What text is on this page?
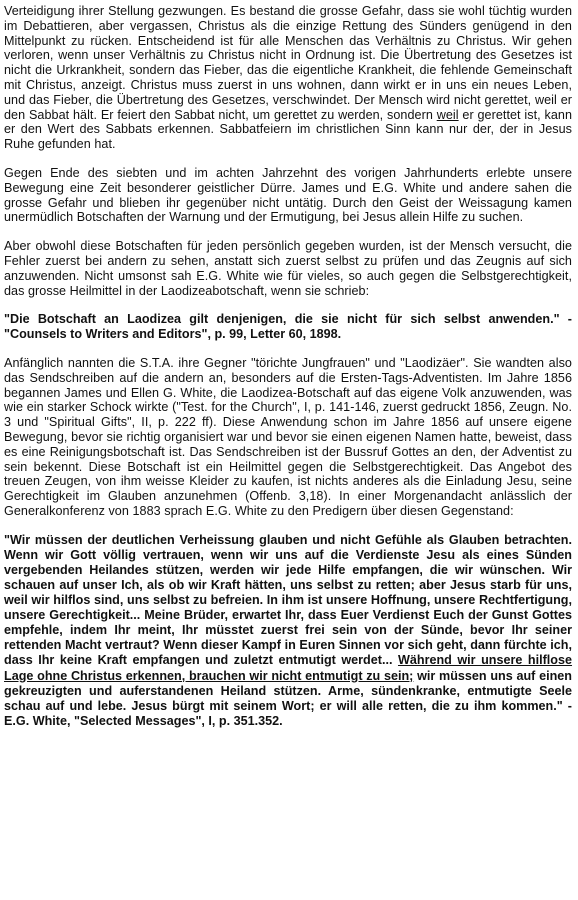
Verteidigung ihrer Stellung gezwungen. Es bestand die grosse Gefahr, dass sie wohl tüchtig wurden im Debattieren, aber vergassen, Christus als die einzige Rettung des Sünders genügend in den Mittelpunkt zu rücken. Entscheidend ist für alle Menschen das Verhältnis zu Christus. Wir gehen verloren, wenn unser Verhältnis zu Christus nicht in Ordnung ist. Die Übertretung des Gesetzes ist nicht die Urkrankheit, sondern das Fieber, das die eigentliche Krankheit, die fehlende Gemeinschaft mit Christus, anzeigt. Christus muss zuerst in uns wohnen, dann wirkt er in uns ein neues Leben, und das Fieber, die Übertretung des Gesetzes, verschwindet. Der Mensch wird nicht gerettet, weil er den Sabbat hält. Er feiert den Sabbat nicht, um gerettet zu werden, sondern weil er gerettet ist, kann er den Wert des Sabbats erkennen. Sabbatfeiern im christlichen Sinn kann nur der, der in Jesus Ruhe gefunden hat.

Gegen Ende des siebten und im achten Jahrzehnt des vorigen Jahrhunderts erlebte unsere Bewegung eine Zeit besonderer geistlicher Dürre. James und E.G. White und andere sahen die grosse Gefahr und blieben ihr gegenüber nicht untätig. Durch den Geist der Weissagung kamen unermüdlich Botschaften der Warnung und der Ermutigung, bei Jesus allein Hilfe zu suchen.

Aber obwohl diese Botschaften für jeden persönlich gegeben wurden, ist der Mensch versucht, die Fehler zuerst bei andern zu sehen, anstatt sich zuerst selbst zu prüfen und das Zeugnis auf sich anzuwenden. Nicht umsonst sah E.G. White wie für vieles, so auch gegen die Selbstgerechtigkeit, das grosse Heilmittel in der Laodizeabotschaft, wenn sie schrieb:

"Die Botschaft an Laodizea gilt denjenigen, die sie nicht für sich selbst anwenden." - "Counsels to Writers and Editors", p. 99, Letter 60, 1898.

Anfänglich nannten die S.T.A. ihre Gegner "törichte Jungfrauen" und "Laodizäer". Sie wandten also das Sendschreiben auf die andern an, besonders auf die Ersten-Tags-Adventisten. Im Jahre 1856 begannen James und Ellen G. White, die Laodizea-Botschaft auf das eigene Volk anzuwenden, was wie ein starker Schock wirkte ("Test. for the Church", I, p. 141-146, zuerst gedruckt 1856, Zeugn. No. 3 und "Spiritual Gifts", II, p. 222 ff). Diese Anwendung schon im Jahre 1856 auf unsere eigene Bewegung, bevor sie richtig organisiert war und bevor sie einen eigenen Namen hatte, beweist, dass es eine Reinigungsbotschaft ist. Das Sendschreiben ist der Bussruf Gottes an den, der Adventist zu sein bekennt. Diese Botschaft ist ein Heilmittel gegen die Selbstgerechtigkeit. Das Angebot des treuen Zeugen, von ihm weisse Kleider zu kaufen, ist nichts anderes als die Einladung Jesu, seine Gerechtigkeit im Glauben anzunehmen (Offenb. 3,18). In einer Morgenandacht anlässlich der Generalkonferenz von 1883 sprach E.G. White zu den Predigern über diesen Gegenstand:

"Wir müssen der deutlichen Verheissung glauben und nicht Gefühle als Glauben betrachten. Wenn wir Gott völlig vertrauen, wenn wir uns auf die Verdienste Jesu als eines Sünden vergebenden Heilandes stützen, werden wir jede Hilfe empfangen, die wir wünschen. Wir schauen auf unser Ich, als ob wir Kraft hätten, uns selbst zu retten; aber Jesus starb für uns, weil wir hilflos sind, uns selbst zu befreien. In ihm ist unsere Hoffnung, unsere Rechtfertigung, unsere Gerechtigkeit... Meine Brüder, erwartet Ihr, dass Euer Verdienst Euch der Gunst Gottes empfehle, indem Ihr meint, Ihr müsstet zuerst frei sein von der Sünde, bevor Ihr seiner rettenden Macht vertraut? Wenn dieser Kampf in Euren Sinnen vor sich geht, dann fürchte ich, dass Ihr keine Kraft empfangen und zuletzt entmutigt werdet... Während wir unsere hilflose Lage ohne Christus erkennen, brauchen wir nicht entmutigt zu sein; wir müssen uns auf einen gekreuzigten und auferstandenen Heiland stützen. Arme, sündenkranke, entmutigte Seele schau auf und lebe. Jesus bürgt mit seinem Wort; er will alle retten, die zu ihm kommen." - E.G. White, "Selected Messages", I, p. 351.352.
